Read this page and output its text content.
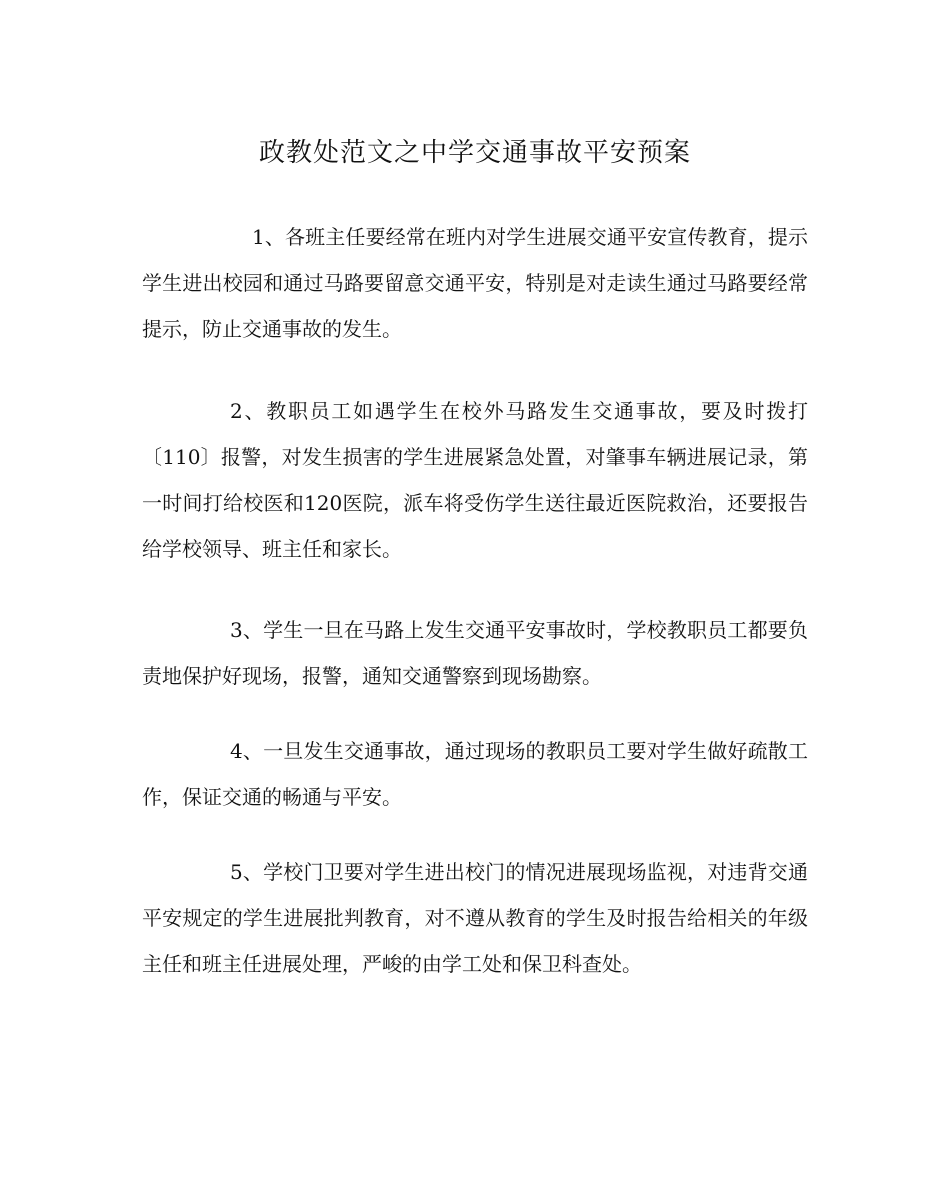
政教处范文之中学交通事故平安预案

1、各班主任要经常在班内对学生进展交通平安宣传教育，提示学生进出校园和通过马路要留意交通平安，特别是对走读生通过马路要经常提示，防止交通事故的发生。

2、教职员工如遇学生在校外马路发生交通事故，要及时拨打〔110〕报警，对发生损害的学生进展紧急处置，对肇事车辆进展记录，第一时间打给校医和120医院，派车将受伤学生送往最近医院救治，还要报告给学校领导、班主任和家长。

3、学生一旦在马路上发生交通平安事故时，学校教职员工都要负责地保护好现场，报警，通知交通警察到现场勘察。

4、一旦发生交通事故，通过现场的教职员工要对学生做好疏散工作，保证交通的畅通与平安。

5、学校门卫要对学生进出校门的情况进展现场监视，对违背交通平安规定的学生进展批判教育，对不遵从教育的学生及时报告给相关的年级主任和班主任进展处理，严峻的由学工处和保卫科查处。
